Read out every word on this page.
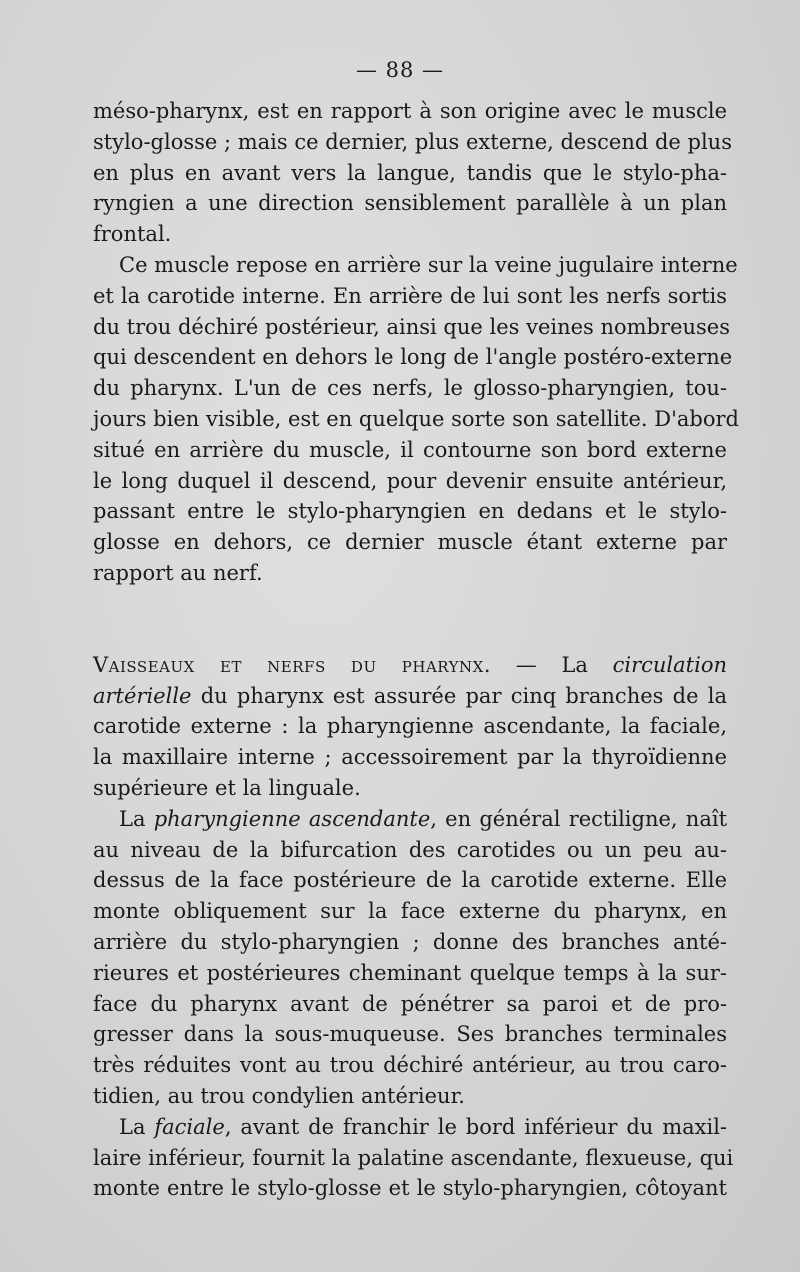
— 88 —
méso-pharynx, est en rapport à son origine avec le muscle
stylo-glosse ; mais ce dernier, plus externe, descend de plus
en plus en avant vers la langue, tandis que le stylo-pha-
ryngien a une direction sensiblement parallèle à un plan
frontal.
Ce muscle repose en arrière sur la veine jugulaire interne
et la carotide interne. En arrière de lui sont les nerfs sortis
du trou déchiré postérieur, ainsi que les veines nombreuses
qui descendent en dehors le long de l'angle postéro-externe
du pharynx. L'un de ces nerfs, le glosso-pharyngien, tou-
jours bien visible, est en quelque sorte son satellite. D'abord
situé en arrière du muscle, il contourne son bord externe
le long duquel il descend, pour devenir ensuite antérieur,
passant entre le stylo-pharyngien en dedans et le stylo-
glosse en dehors, ce dernier muscle étant externe par
rapport au nerf.
Vaisseaux et nerfs du pharynx. — La circulation
artérielle du pharynx est assurée par cinq branches de la
carotide externe : la pharyngienne ascendante, la faciale,
la maxillaire interne ; accessoirement par la thyroïdienne
supérieure et la linguale.
La pharyngienne ascendante, en général rectiligne, naît
au niveau de la bifurcation des carotides ou un peu au-
dessus de la face postérieure de la carotide externe. Elle
monte obliquement sur la face externe du pharynx, en
arrière du stylo-pharyngien ; donne des branches anté-
rieures et postérieures cheminant quelque temps à la sur-
face du pharynx avant de pénétrer sa paroi et de pro-
gresser dans la sous-muqueuse. Ses branches terminales
très réduites vont au trou déchiré antérieur, au trou caro-
tidien, au trou condylien antérieur.
La faciale, avant de franchir le bord inférieur du maxil-
laire inférieur, fournit la palatine ascendante, flexueuse, qui
monte entre le stylo-glosse et le stylo-pharyngien, côtoyant
